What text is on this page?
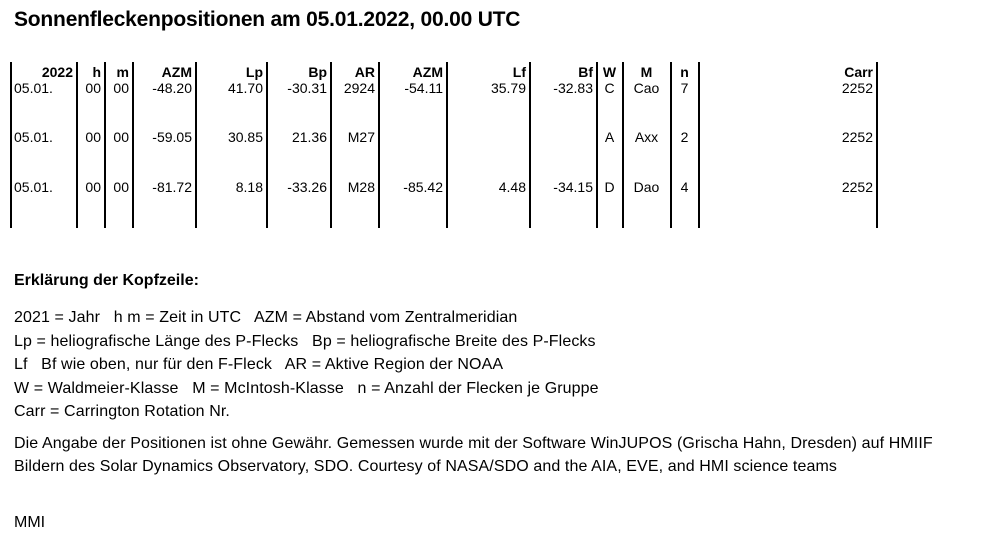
Sonnenfleckenpositionen am 05.01.2022, 00.00 UTC
2022	h	m	AZM	Lp	Bp	AR	AZM	Lf	Bf	W	M	n	Carr
05.01.	00	00	-48.20	41.70	-30.31	2924	-54.11	35.79	-32.83	C	Cao	7	2252
05.01.	00	00	-59.05	30.85	21.36	M27				A	Axx	2	2252
05.01.	00	00	-81.72	8.18	-33.26	M28	-85.42	4.48	-34.15	D	Dao	4	2252

Erklärung der Kopfzeile:
2021 = Jahr   h m = Zeit in UTC   AZM = Abstand vom Zentralmeridian
Lp = heliografische Länge des P-Flecks   Bp = heliografische Breite des P-Flecks
Lf   Bf wie oben, nur für den F-Fleck   AR = Aktive Region der NOAA
W = Waldmeier-Klasse   M = McIntosh-Klasse   n = Anzahl der Flecken je Gruppe
Carr = Carrington Rotation Nr.
Die Angabe der Positionen ist ohne Gewähr. Gemessen wurde mit der Software WinJUPOS (Grischa Hahn, Dresden) auf HMIIF Bildern des Solar Dynamics Observatory, SDO. Courtesy of NASA/SDO and the AIA, EVE, and HMI science teams
MMI
